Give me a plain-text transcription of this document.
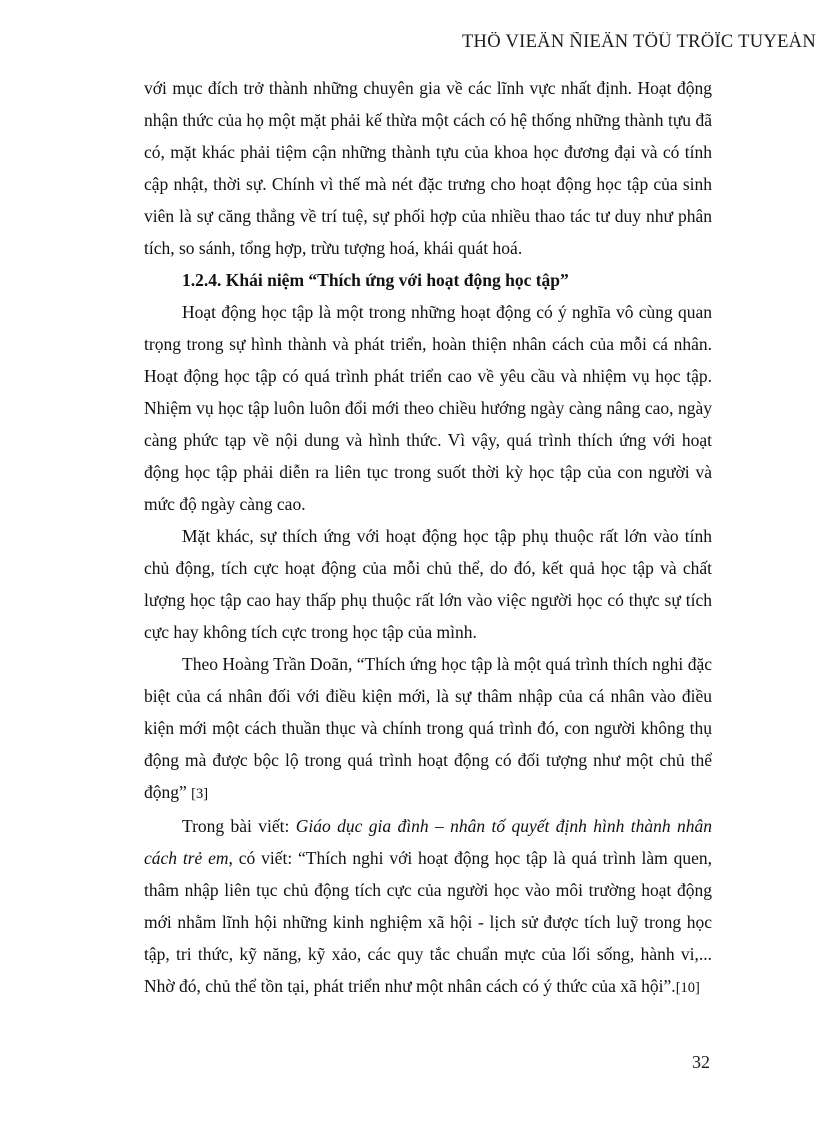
THÖ VIEÄN ÑIEÄN TÖÛ TRÖÏC TUYEÁN

với mục đích trở thành những chuyên gia về các lĩnh vực nhất định. Hoạt động nhận thức của họ một mặt phải kế thừa một cách có hệ thống những thành tựu đã có, mặt khác phải tiệm cận những thành tựu của khoa học đương đại và có tính cập nhật, thời sự. Chính vì thế mà nét đặc trưng cho hoạt động học tập của sinh viên là sự căng thẳng về trí tuệ, sự phối hợp của nhiều thao tác tư duy như phân tích, so sánh, tổng hợp, trừu tượng hoá, khái quát hoá.

1.2.4. Khái niệm “Thích ứng với hoạt động học tập”

Hoạt động học tập là một trong những hoạt động có ý nghĩa vô cùng quan trọng trong sự hình thành và phát triển, hoàn thiện nhân cách của mỗi cá nhân. Hoạt động học tập có quá trình phát triển cao về yêu cầu và nhiệm vụ học tập. Nhiệm vụ học tập luôn luôn đổi mới theo chiều hướng ngày càng nâng cao, ngày càng phức tạp về nội dung và hình thức. Vì vậy, quá trình thích ứng với hoạt động học tập phải diễn ra liên tục trong suốt thời kỳ học tập của con người và mức độ ngày càng cao.

Mặt khác, sự thích ứng với hoạt động học tập phụ thuộc rất lớn vào tính chủ động, tích cực hoạt động của mỗi chủ thể, do đó, kết quả học tập và chất lượng học tập cao hay thấp phụ thuộc rất lớn vào việc người học có thực sự tích cực hay không tích cực trong học tập của mình.

Theo Hoàng Trần Doãn, “Thích ứng học tập là một quá trình thích nghi đặc biệt của cá nhân đối với điều kiện mới, là sự thâm nhập của cá nhân vào điều kiện mới một cách thuần thục và chính trong quá trình đó, con người không thụ động mà được bộc lộ trong quá trình hoạt động có đối tượng như một chủ thể động” [3]

Trong bài viết: Giáo dục gia đình – nhân tố quyết định hình thành nhân cách trẻ em, có viết: “Thích nghi với hoạt động học tập là quá trình làm quen, thâm nhập liên tục chủ động tích cực của người học vào môi trường hoạt động mới nhằm lĩnh hội những kinh nghiệm xã hội - lịch sử được tích luỹ trong học tập, tri thức, kỹ năng, kỹ xảo, các quy tắc chuẩn mực của lối sống, hành vi,... Nhờ đó, chủ thể tồn tại, phát triển như một nhân cách có ý thức của xã hội”.[10]

32
